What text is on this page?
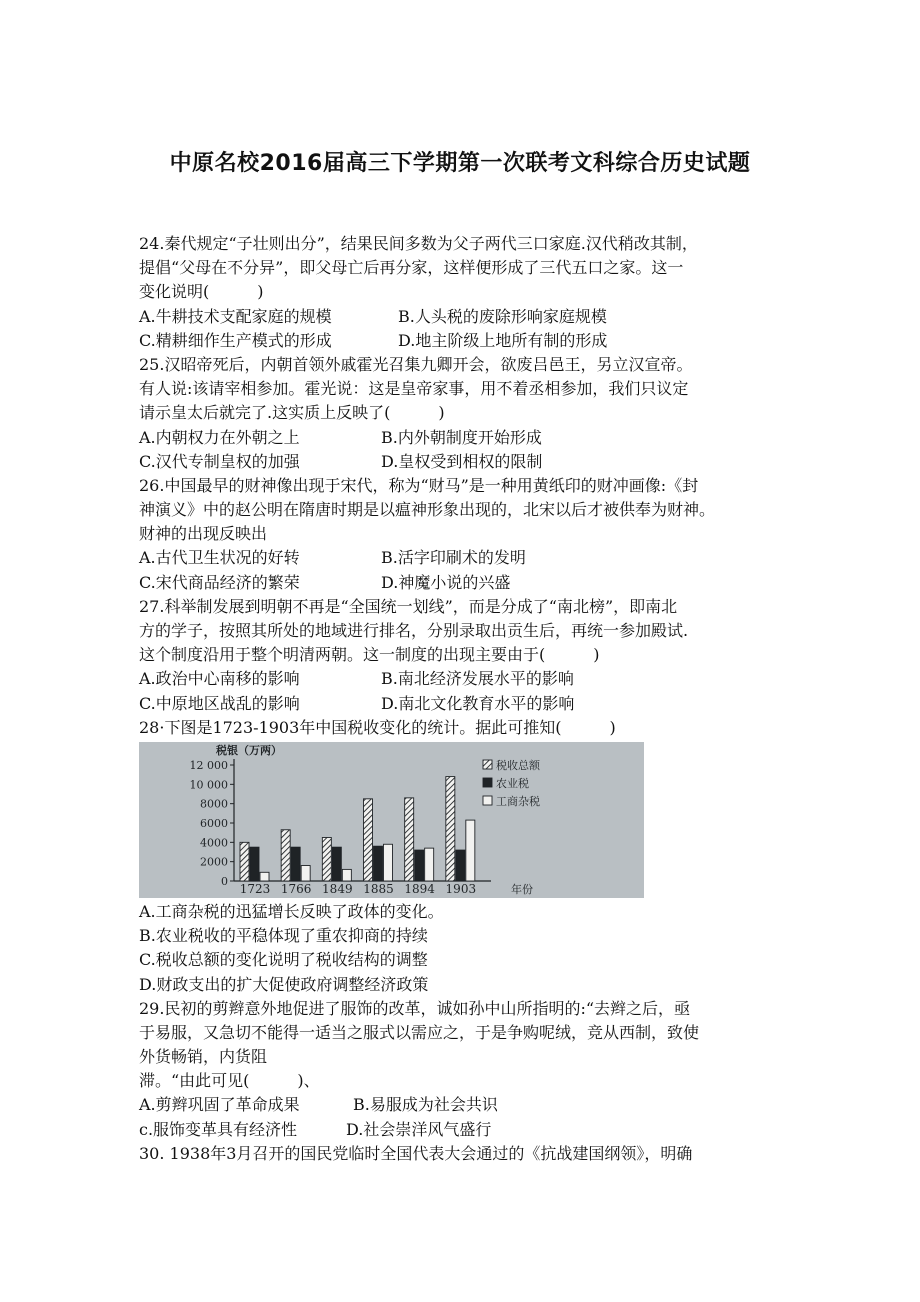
中原名校2016届高三下学期第一次联考文科综合历史试题
24.秦代规定“子壮则出分”，结果民间多数为父子两代三口家庭.汉代稍改其制，
提倡“父母在不分异”，即父母亡后再分家，这样便形成了三代五口之家。这一
变化说明(　　　)
A.牛耕技术支配家庭的规模	B.人头税的废除形响家庭规模
C.精耕细作生产模式的形成	D.地主阶级上地所有制的形成
25.汉昭帝死后，内朝首领外戚霍光召集九卿开会，欲废吕邑王，另立汉宣帝。
有人说:该请宰相参加。霍光说：这是皇帝家事，用不着丞相参加，我们只议定
请示皇太后就完了.这实质上反映了(　　　)
A.内朝权力在外朝之上	B.内外朝制度开始形成
C.汉代专制皇权的加强	D.皇权受到相权的限制
26.中国最早的财神像出现于宋代，称为“财马”是一种用黄纸印的财冲画像:《封
神演义》中的赵公明在隋唐时期是以瘟神形象出现的，北宋以后才被供奉为财神。
财神的出现反映出
A.古代卫生状况的好转	B.活字印刷术的发明
C.宋代商品经济的繁荣	D.神魔小说的兴盛
27.科举制发展到明朝不再是“全国统一划线”，而是分成了“南北榜”，即南北
方的学子，按照其所处的地域进行排名，分别录取出贡生后，再统一参加殿试.
这个制度沿用于整个明清两朝。这一制度的出现主要由于(　　　)
A.政治中心南移的影响	B.南北经济发展水平的影响
C.中原地区战乱的影响	D.南北文化教育水平的影响
28·下图是1723-1903年中国税收变化的统计。据此可推知(　　　)
税银（万两）
0
2000
4000
6000
8000
10 000
12 000
1723 1766 1849 1885 1894 1903	年份
税收总额
农业税
工商杂税
A.工商杂税的迅猛增长反映了政体的变化。
B.农业税收的平稳体现了重农抑商的持续
C.税收总额的变化说明了税收结构的调整
D.财政支出的扩大促使政府调整经济政策
29.民初的剪辫意外地促进了服饰的改革，诚如孙中山所指明的:“去辫之后，亟
于易服，又急切不能得一适当之服式以需应之，于是争购呢绒，竞从西制，致使
外货畅销，内货阻
滞。“由此可见(　　　)、
A.剪辫巩固了革命成果	B.易服成为社会共识
c.服饰变革具有经济性	D.社会崇洋风气盛行
30. 1938年3月召开的国民党临时全国代表大会通过的《抗战建国纲领》，明确
